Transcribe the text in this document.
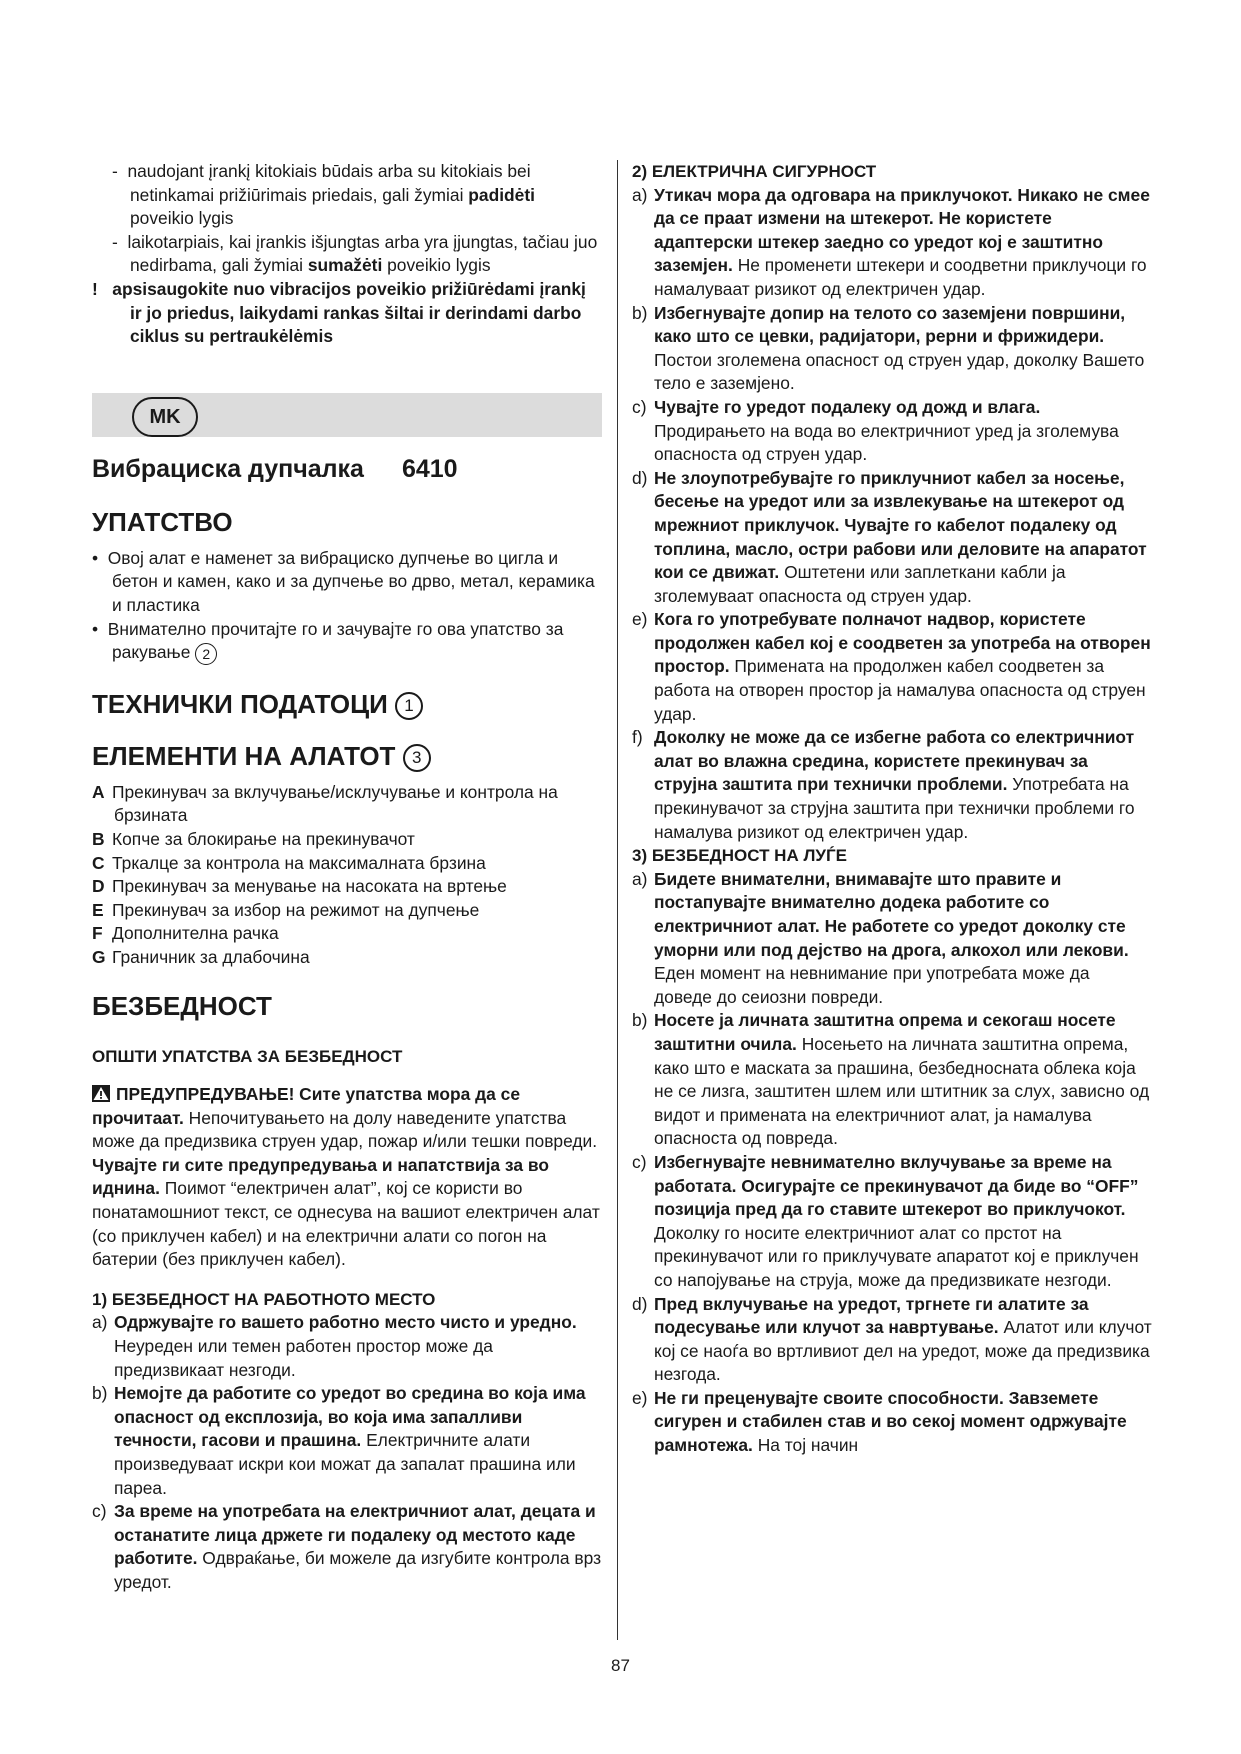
-  naudojant įrankį kitokiais būdais arba su kitokiais bei netinkamai prižiūrimais priedais, gali žymiai padidėti poveikio lygis

-  laikotarpiais, kai įrankis išjungtas arba yra įjungtas, tačiau juo nedirbama, gali žymiai sumažėti poveikio lygis

!   apsisaugokite nuo vibracijos poveikio prižiūrėdami įrankį ir jo priedus, laikydami rankas šiltai ir derindami darbo ciklus su pertraukėlėmis

MK
Вибрациска дупчалка 6410
УПАТСТВО

•  Овој алат е наменет за вибрациско дупчење во цигла и бетон и камен, како и за дупчење во дрво, метал, керамика и пластика

•  Внимателно прочитајте го и зачувајте го ова упатство за ракување 2

ТЕХНИЧКИ ПОДАТОЦИ 1
ЕЛЕМЕНТИ НА АЛАТОТ 3

A Прекинувач за вклучување/исклучување и контрола на брзината

B Копче за блокирање на прекинувачот

C Тркалце за контрола на максималната брзина

D Прекинувач за менување на насоката на вртење

E Прекинувач за избор на режимот на дупчење

F Дополнителна рачка

G Граничник за длабочина

БЕЗБЕДНОСТ
ОПШТИ УПАТСТВА ЗА БЕЗБЕДНОСТ

ПРЕДУПРЕДУВАЊЕ! Сите упатства мора да се прочитаат. Непочитувањето на долу наведените упатства може да предизвика струен удар, пожар и/или тешки повреди. Чувајте ги сите предупредувања и напатствија за во иднина. Поимот “електричен алат”, кој се користи во понатамошниот текст, се однесува на вашиот електричен алат (со приклучен кабел) и на електрични алати со погон на батерии (без приклучен кабел).

1) БЕЗБЕДНОСТ НА РАБОТНОТО МЕСТО

a) Одржувајте го вашето работно место чисто и уредно. Неуреден или темен работен простор може да предизвикаат незгоди.

b) Немојте да работите со уредот во средина во која има опасност од експлозија, во која има запалливи течности, гасови и прашина. Електричните алати произведуваат искри кои можат да запалат прашина или пареа.

c) За време на употребата на електричниот алат, децата и останатите лица држете ги подалеку од местото каде работите. Одвраќање, би можеле да изгубите контрола врз уредот.

2) ЕЛЕКТРИЧНА СИГУРНОСТ

a) Утикач мора да одговара на приклучокот. Никако не смее да се праат измени на штекерот. Не користете адаптерски штекер заедно со уредот кој е заштитно заземјен. Не променети штекери и соодветни приклучоци го намалуваат ризикот од електричен удар.

b) Избегнувајте допир на телото со заземјени површини, како што се цевки, радијатори, рерни и фрижидери. Постои зголемена опасност од струен удар, доколку Вашето тело е заземјено.

c) Чувајте го уредот подалеку од дожд и влага. Продирањето на вода во електричниот уред ја зголемува опасноста од струен удар.

d) Не злоупотребувајте го приклучниот кабел за носење, бесење на уредот или за извлекување на штекерот од мрежниот приклучок. Чувајте го кабелот подалеку од топлина, масло, остри рабови или деловите на апаратот кои се движат. Оштетени или заплеткани кабли ја зголемуваат опасноста од струен удар.

e) Кога го употребувате полначот надвор, користете продолжен кабел кој е соодветен за употреба на отворен простор. Примената на продолжен кабел соодветен за работа на отворен простор ја намалува опасноста од струен удар.

f) Доколку не може да се избегне работа со електричниот алат во влажна средина, користете прекинувач за струјна заштита при технички проблеми. Употребата на прекинувачот за струјна заштита при технички проблеми го намалува ризикот од електричен удар.

3) БЕЗБЕДНОСТ НА ЛУЃЕ

a) Бидете внимателни, внимавајте што правите и постапувајте внимателно додека работите со електричниот алат. Не работете со уредот доколку сте уморни или под дејство на дрога, алкохол или лекови. Еден момент на невнимание при употребата може да доведе до сеиозни повреди.

b) Носете ја личната заштитна опрема и секогаш носете заштитни очила. Носењето на личната заштитна опрема, како што е маската за прашина, безбедносната облека која не се лизга, заштитен шлем или штитник за слух, зависно од видот и примената на електричниот алат, ја намалува опасноста од повреда.

c) Избегнувајте невнимателно вклучување за време на работата. Осигурајте се прекинувачот да биде во “OFF” позиција пред да го ставите штекерот во приклучокот. Доколку го носите електричниот алат со прстот на прекинувачот или го приклучувате апаратот кој е приклучен со напојување на струја, може да предизвикате незгоди.

d) Пред вклучување на уредот, тргнете ги алатите за подесување или клучот за навртување. Алатот или клучот кој се наоѓа во вртливиот дел на уредот, може да предизвика незгода.

e) Не ги преценувајте своите способности. Завземете сигурен и стабилен став и во секој момент одржувајте рамнотежа. На тој начин

87
